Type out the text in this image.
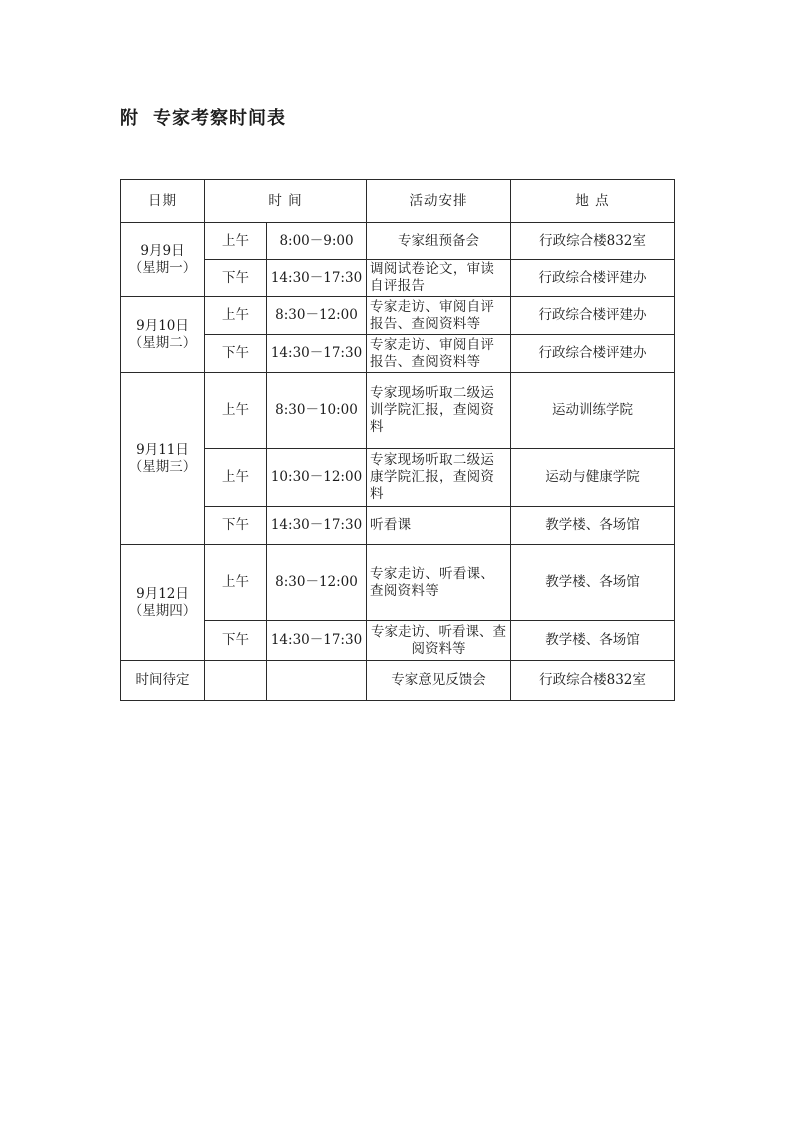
附 专家考察时间表
日期	时 间		活动安排	地 点

9月9日
（星期一）	上午	8:00－9:00	专家组预备会	行政综合楼832室
	下午	14:30－17:30	调阅试卷论文，审读自评报告	行政综合楼评建办

9月10日
（星期二）	上午	8:30－12:00	专家走访、审阅自评报告、查阅资料等	行政综合楼评建办
	下午	14:30－17:30	专家走访、审阅自评报告、查阅资料等	行政综合楼评建办

9月11日
（星期三）	上午	8:30－10:00	专家现场听取二级运训学院汇报，查阅资料	运动训练学院
	上午	10:30－12:00	专家现场听取二级运康学院汇报，查阅资料	运动与健康学院
	下午	14:30－17:30	听看课	教学楼、各场馆

9月12日
（星期四）	上午	8:30－12:00	专家走访、听看课、查阅资料等	教学楼、各场馆
	下午	14:30－17:30	专家走访、听看课、查阅资料等	教学楼、各场馆
时间待定			专家意见反馈会	行政综合楼832室
